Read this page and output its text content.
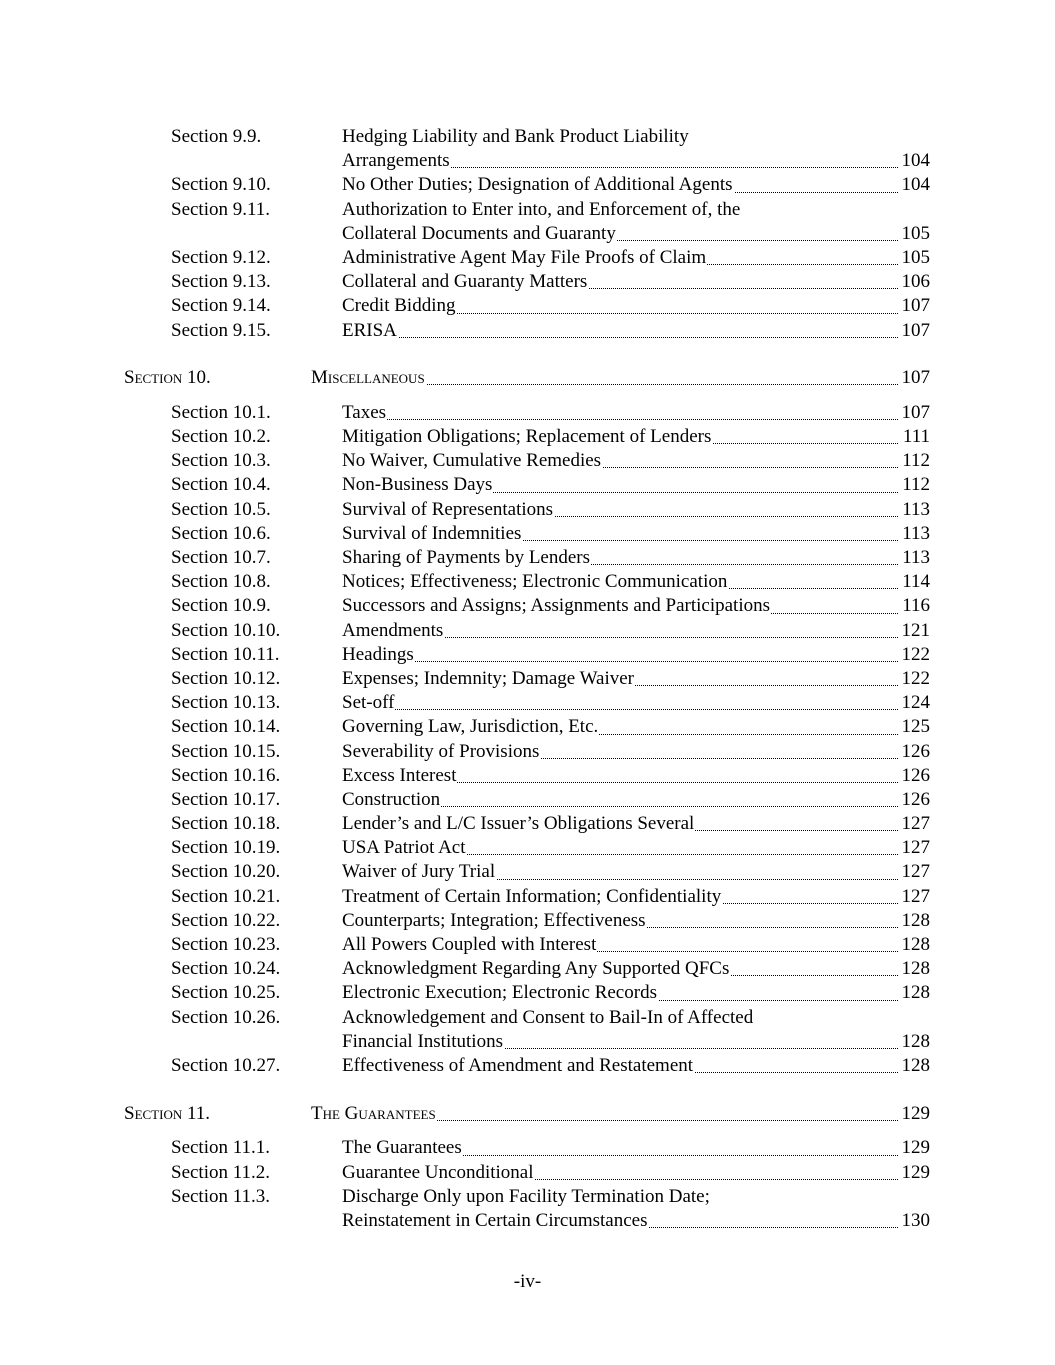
Section 9.9.	Hedging Liability and Bank Product Liability
Arrangements	104
Section 9.10.	No Other Duties; Designation of Additional Agents	104
Section 9.11.	Authorization to Enter into, and Enforcement of, the
Collateral Documents and Guaranty	105
Section 9.12.	Administrative Agent May File Proofs of Claim	105
Section 9.13.	Collateral and Guaranty Matters	106
Section 9.14.	Credit Bidding	107
Section 9.15.	ERISA	107
Section 10.	Miscellaneous	107
Section 10.1.	Taxes	107
Section 10.2.	Mitigation Obligations; Replacement of Lenders	111
Section 10.3.	No Waiver, Cumulative Remedies	112
Section 10.4.	Non-Business Days	112
Section 10.5.	Survival of Representations	113
Section 10.6.	Survival of Indemnities	113
Section 10.7.	Sharing of Payments by Lenders	113
Section 10.8.	Notices; Effectiveness; Electronic Communication	114
Section 10.9.	Successors and Assigns; Assignments and Participations	116
Section 10.10.	Amendments	121
Section 10.11.	Headings	122
Section 10.12.	Expenses; Indemnity; Damage Waiver	122
Section 10.13.	Set-off	124
Section 10.14.	Governing Law, Jurisdiction, Etc.	125
Section 10.15.	Severability of Provisions	126
Section 10.16.	Excess Interest	126
Section 10.17.	Construction	126
Section 10.18.	Lender’s and L/C Issuer’s Obligations Several	127
Section 10.19.	USA Patriot Act	127
Section 10.20.	Waiver of Jury Trial	127
Section 10.21.	Treatment of Certain Information; Confidentiality	127
Section 10.22.	Counterparts; Integration; Effectiveness	128
Section 10.23.	All Powers Coupled with Interest	128
Section 10.24.	Acknowledgment Regarding Any Supported QFCs	128
Section 10.25.	Electronic Execution; Electronic Records	128
Section 10.26.	Acknowledgement and Consent to Bail-In of Affected
Financial Institutions	128
Section 10.27.	Effectiveness of Amendment and Restatement	128
Section 11.	The Guarantees	129
Section 11.1.	The Guarantees	129
Section 11.2.	Guarantee Unconditional	129
Section 11.3.	Discharge Only upon Facility Termination Date;
Reinstatement in Certain Circumstances	130
-iv-
